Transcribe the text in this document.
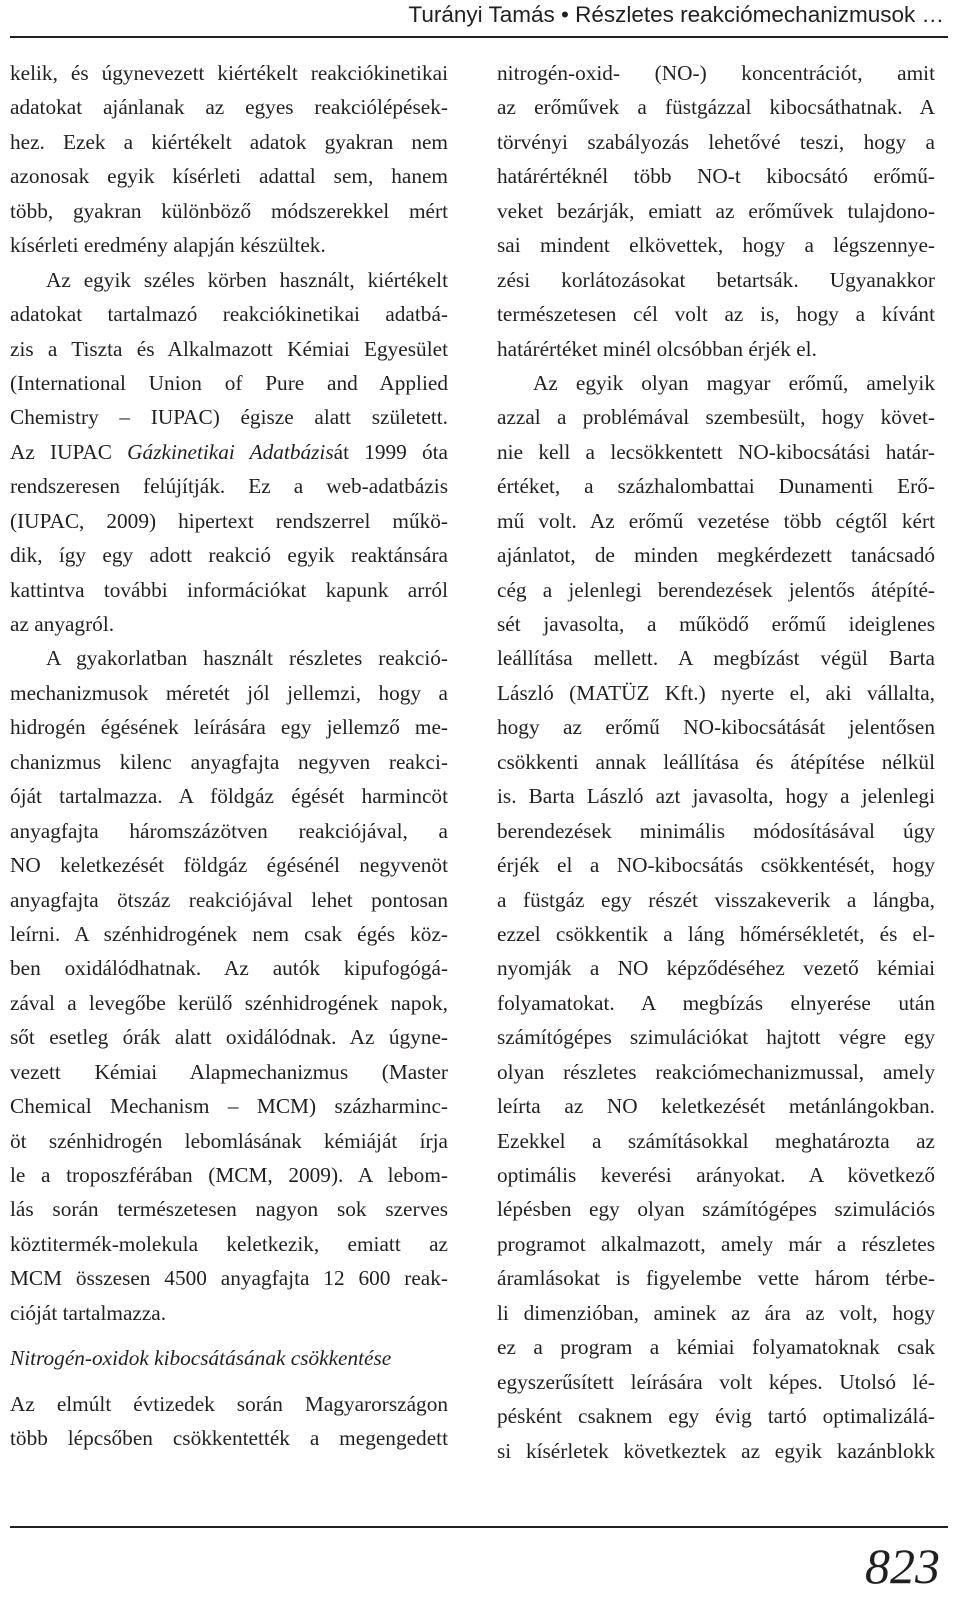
Turányi Tamás • Részletes reakciómechanizmusok …
kelik, és úgynevezett kiértékelt reakciókinetikai
adatokat ajánlanak az egyes reakciólépések-
hez. Ezek a kiértékelt adatok gyakran nem
azonosak egyik kísérleti adattal sem, hanem
több, gyakran különböző módszerekkel mért
kísérleti eredmény alapján készültek.
Az egyik széles körben használt, kiértékelt
adatokat tartalmazó reakciókinetikai adatbá-
zis a Tiszta és Alkalmazott Kémiai Egyesület
(International Union of Pure and Applied
Chemistry – IUPAC) égisze alatt született.
Az IUPAC Gázkinetikai Adatbázisát 1999 óta
rendszeresen felújítják. Ez a web-adatbázis
(IUPAC, 2009) hipertext rendszerrel műkö-
dik, így egy adott reakció egyik reaktánsára
kattintva további információkat kapunk arról
az anyagról.
A gyakorlatban használt részletes reakció-
mechanizmusok méretét jól jellemzi, hogy a
hidrogén égésének leírására egy jellemző me-
chanizmus kilenc anyagfajta negyven reakci-
óját tartalmazza. A földgáz égését harmincöt
anyagfajta háromszázötven reakciójával, a
NO keletkezését földgáz égésénél negyvenöt
anyagfajta ötszáz reakciójával lehet pontosan
leírni. A szénhidrogének nem csak égés köz-
ben oxidálódhatnak. Az autók kipufogógá-
zával a levegőbe kerülő szénhidrogének napok,
sőt esetleg órák alatt oxidálódnak. Az úgyne-
vezett Kémiai Alapmechanizmus (Master
Chemical Mechanism – MCM) százharminc-
öt szénhidrogén lebomlásának kémiáját írja
le a troposzférában (MCM, 2009). A lebom-
lás során természetesen nagyon sok szerves
köztitermék-molekula keletkezik, emiatt az
MCM összesen 4500 anyagfajta 12 600 reak-
cióját tartalmazza.
Nitrogén-oxidok kibocsátásának csökkentése
Az elmúlt évtizedek során Magyarországon
több lépcsőben csökkentették a megengedett
nitrogén-oxid- (NO-) koncentrációt, amit
az erőművek a füstgázzal kibocsáthatnak. A
törvényi szabályozás lehetővé teszi, hogy a
határértéknél több NO-t kibocsátó erőmű-
veket bezárják, emiatt az erőművek tulajdono-
sai mindent elkövettek, hogy a légszennye-
zési korlátozásokat betartsák. Ugyanakkor
természetesen cél volt az is, hogy a kívánt
határértéket minél olcsóbban érjék el.
Az egyik olyan magyar erőmű, amelyik
azzal a problémával szembesült, hogy követ-
nie kell a lecsökkentett NO-kibocsátási határ-
értéket, a százhalombattai Dunamenti Erő-
mű volt. Az erőmű vezetése több cégtől kért
ajánlatot, de minden megkérdezett tanácsadó
cég a jelenlegi berendezések jelentős átépíté-
sét javasolta, a működő erőmű ideiglenes
leállítása mellett. A megbízást végül Barta
László (MATÜZ Kft.) nyerte el, aki vállalta,
hogy az erőmű NO-kibocsátását jelentősen
csökkenti annak leállítása és átépítése nélkül
is. Barta László azt javasolta, hogy a jelenlegi
berendezések minimális módosításával úgy
érjék el a NO-kibocsátás csökkentését, hogy
a füstgáz egy részét visszakeverik a lángba,
ezzel csökkentik a láng hőmérsékletét, és el-
nyomják a NO képződéséhez vezető kémiai
folyamatokat. A megbízás elnyerése után
számítógépes szimulációkat hajtott végre egy
olyan részletes reakciómechanizmussal, amely
leírta az NO keletkezését metánlángokban.
Ezekkel a számításokkal meghatározta az
optimális keverési arányokat. A következő
lépésben egy olyan számítógépes szimulációs
programot alkalmazott, amely már a részletes
áramlásokat is figyelembe vette három térbe-
li dimenzióban, aminek az ára az volt, hogy
ez a program a kémiai folyamatoknak csak
egyszerűsített leírására volt képes. Utolsó lé-
pésként csaknem egy évig tartó optimalizálá-
si kísérletek következtek az egyik kazánblokk
823
